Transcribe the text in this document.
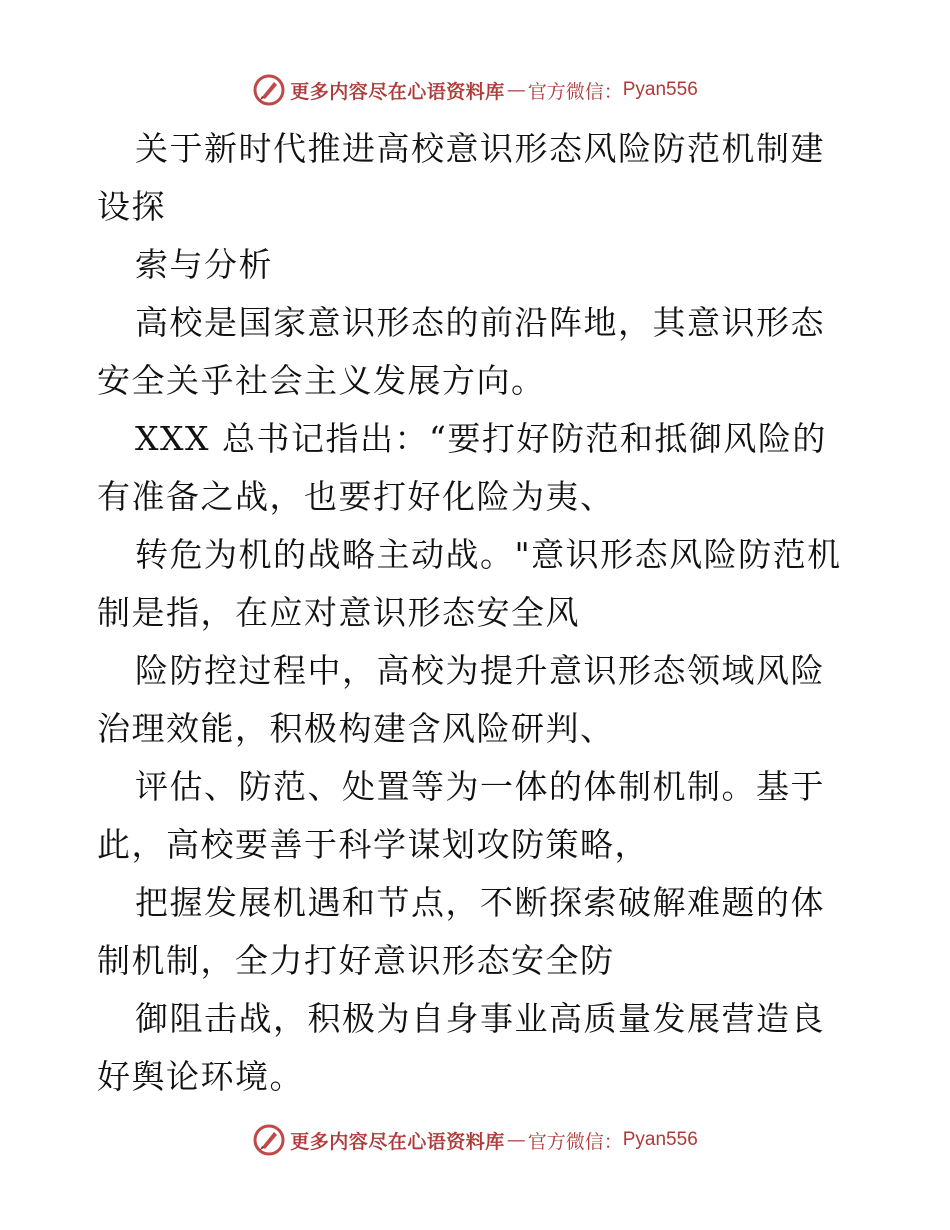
更多内容尽在心语资料库 — 官方微信： Pyan556

关于新时代推进高校意识形态风险防范机制建设探

索与分析

高校是国家意识形态的前沿阵地，其意识形态安全关乎社会主义发展方向。

XXX 总书记指出：“要打好防范和抵御风险的有准备之战，也要打好化险为夷、

转危为机的战略主动战。"意识形态风险防范机制是指，在应对意识形态安全风

险防控过程中，高校为提升意识形态领域风险治理效能，积极构建含风险研判、

评估、防范、处置等为一体的体制机制。基于此，高校要善于科学谋划攻防策略，

把握发展机遇和节点，不断探索破解难题的体制机制，全力打好意识形态安全防

御阻击战，积极为自身事业高质量发展营造良好舆论环境。

更多内容尽在心语资料库 — 官方微信： Pyan556
